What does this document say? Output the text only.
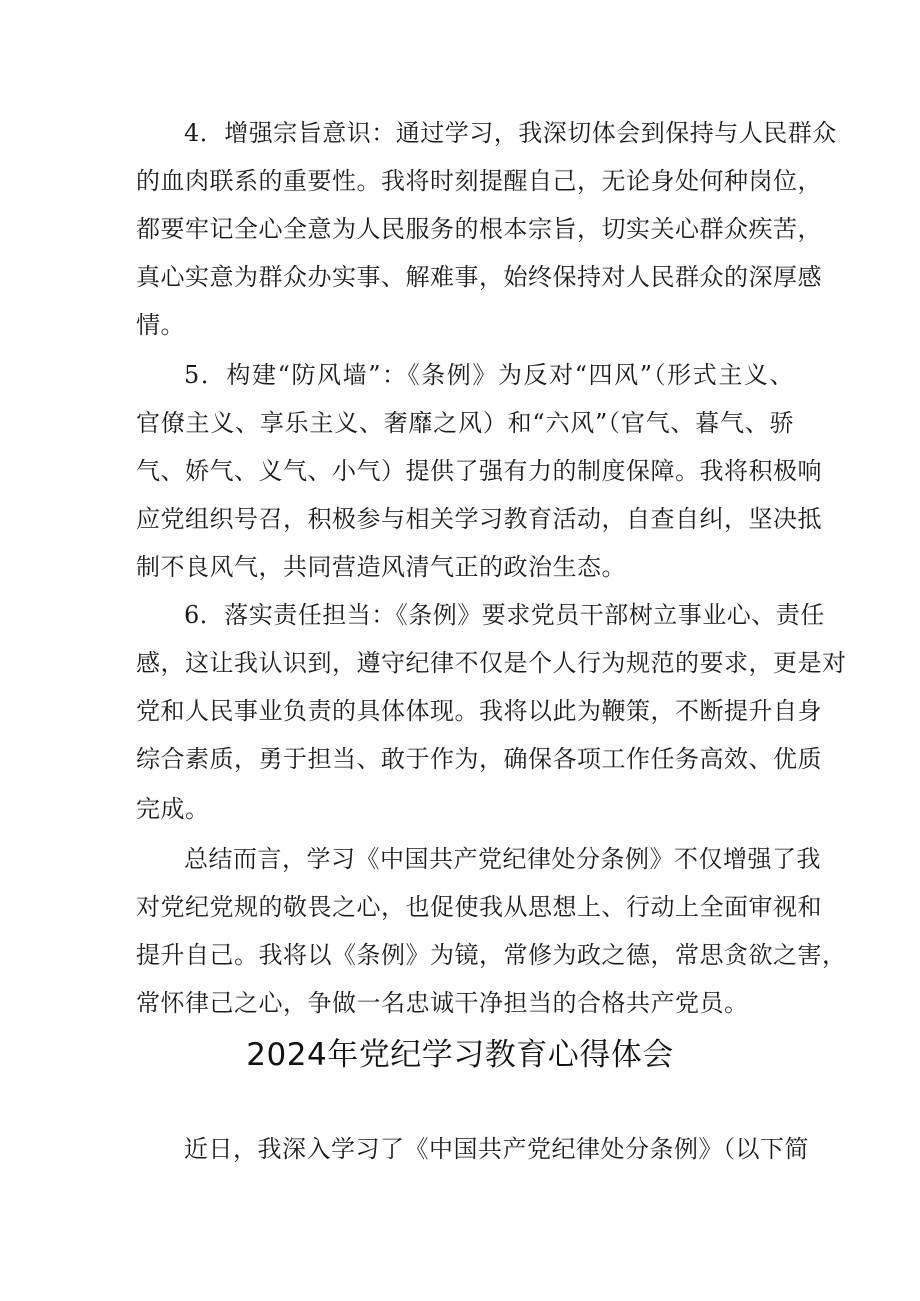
4．增强宗旨意识：通过学习，我深切体会到保持与人民群众
的血肉联系的重要性。我将时刻提醒自己，无论身处何种岗位，
都要牢记全心全意为人民服务的根本宗旨，切实关心群众疾苦，
真心实意为群众办实事、解难事，始终保持对人民群众的深厚感
情。
5．构建“防风墙”：《条例》为反对“四风”（形式主义、
官僚主义、享乐主义、奢靡之风）和“六风”（官气、暮气、骄
气、娇气、义气、小气）提供了强有力的制度保障。我将积极响
应党组织号召，积极参与相关学习教育活动，自查自纠，坚决抵
制不良风气，共同营造风清气正的政治生态。
6．落实责任担当：《条例》要求党员干部树立事业心、责任
感，这让我认识到，遵守纪律不仅是个人行为规范的要求，更是对
党和人民事业负责的具体体现。我将以此为鞭策，不断提升自身
综合素质，勇于担当、敢于作为，确保各项工作任务高效、优质
完成。
总结而言，学习《中国共产党纪律处分条例》不仅增强了我
对党纪党规的敬畏之心，也促使我从思想上、行动上全面审视和
提升自己。我将以《条例》为镜，常修为政之德，常思贪欲之害，
常怀律己之心，争做一名忠诚干净担当的合格共产党员。
2024年党纪学习教育心得体会
近日，我深入学习了《中国共产党纪律处分条例》（以下简
